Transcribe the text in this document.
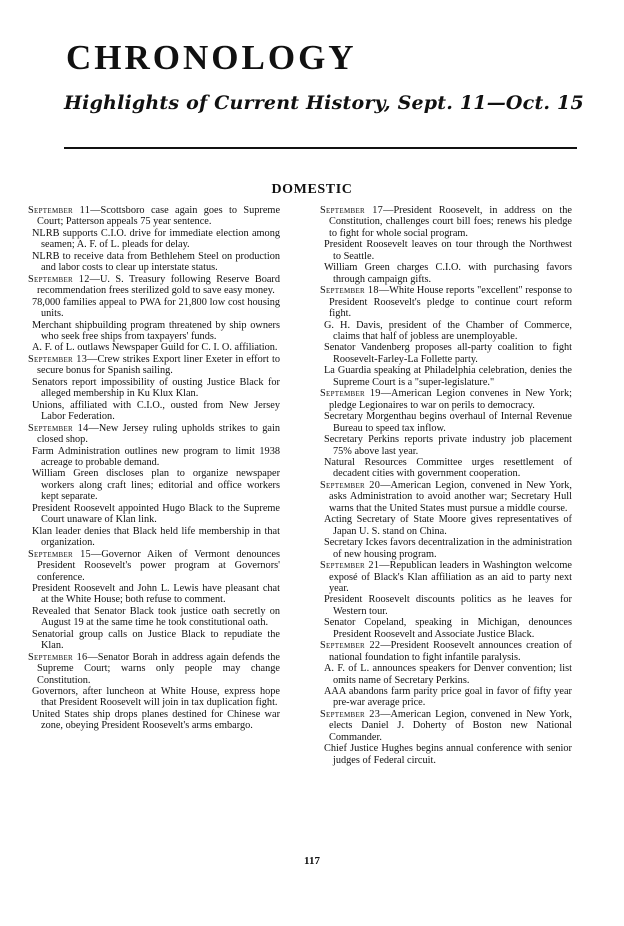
CHRONOLOGY
Highlights of Current History, Sept. 11—Oct. 15
DOMESTIC

September 11—Scottsboro case again goes to Supreme Court; Patterson appeals 75 year sentence.

NLRB supports C.I.O. drive for immediate election among seamen; A. F. of L. pleads for delay.

NLRB to receive data from Bethlehem Steel on production and labor costs to clear up interstate status.

September 12—U. S. Treasury following Reserve Board recommendation frees sterilized gold to save easy money.

78,000 families appeal to PWA for 21,800 low cost housing units.

Merchant shipbuilding program threatened by ship owners who seek free ships from taxpayers' funds.

A. F. of L. outlaws Newspaper Guild for C. I. O. affiliation.

September 13—Crew strikes Export liner Exeter in effort to secure bonus for Spanish sailing.

Senators report impossibility of ousting Justice Black for alleged membership in Ku Klux Klan.

Unions, affiliated with C.I.O., ousted from New Jersey Labor Federation.

September 14—New Jersey ruling upholds strikes to gain closed shop.

Farm Administration outlines new program to limit 1938 acreage to probable demand.

William Green discloses plan to organize newspaper workers along craft lines; editorial and office workers kept separate.

President Roosevelt appointed Hugo Black to the Supreme Court unaware of Klan link.

Klan leader denies that Black held life membership in that organization.

September 15—Governor Aiken of Vermont denounces President Roosevelt's power program at Governors' conference.

President Roosevelt and John L. Lewis have pleasant chat at the White House; both refuse to comment.

Revealed that Senator Black took justice oath secretly on August 19 at the same time he took constitutional oath.

Senatorial group calls on Justice Black to repudiate the Klan.

September 16—Senator Borah in address again defends the Supreme Court; warns only people may change Constitution.

Governors, after luncheon at White House, express hope that President Roosevelt will join in tax duplication fight.

United States ship drops planes destined for Chinese war zone, obeying President Roosevelt's arms embargo.

September 17—President Roosevelt, in address on the Constitution, challenges court bill foes; renews his pledge to fight for whole social program.

President Roosevelt leaves on tour through the Northwest to Seattle.

William Green charges C.I.O. with purchasing favors through campaign gifts.

September 18—White House reports "excellent" response to President Roosevelt's pledge to continue court reform fight.

G. H. Davis, president of the Chamber of Commerce, claims that half of jobless are unemployable.

Senator Vandenberg proposes all-party coalition to fight Roosevelt-Farley-La Follette party.

La Guardia speaking at Philadelphia celebration, denies the Supreme Court is a "super-legislature."

September 19—American Legion convenes in New York; pledge Legionaires to war on perils to democracy.

Secretary Morgenthau begins overhaul of Internal Revenue Bureau to speed tax inflow.

Secretary Perkins reports private industry job placement 75% above last year.

Natural Resources Committee urges resettlement of decadent cities with government cooperation.

September 20—American Legion, convened in New York, asks Administration to avoid another war; Secretary Hull warns that the United States must pursue a middle course.

Acting Secretary of State Moore gives representatives of Japan U. S. stand on China.

Secretary Ickes favors decentralization in the administration of new housing program.

September 21—Republican leaders in Washington welcome exposé of Black's Klan affiliation as an aid to party next year.

President Roosevelt discounts politics as he leaves for Western tour.

Senator Copeland, speaking in Michigan, denounces President Roosevelt and Associate Justice Black.

September 22—President Roosevelt announces creation of national foundation to fight infantile paralysis.

A. F. of L. announces speakers for Denver convention; list omits name of Secretary Perkins.

AAA abandons farm parity price goal in favor of fifty year pre-war average price.

September 23—American Legion, convened in New York, elects Daniel J. Doherty of Boston new National Commander.

Chief Justice Hughes begins annual conference with senior judges of Federal circuit.

117
